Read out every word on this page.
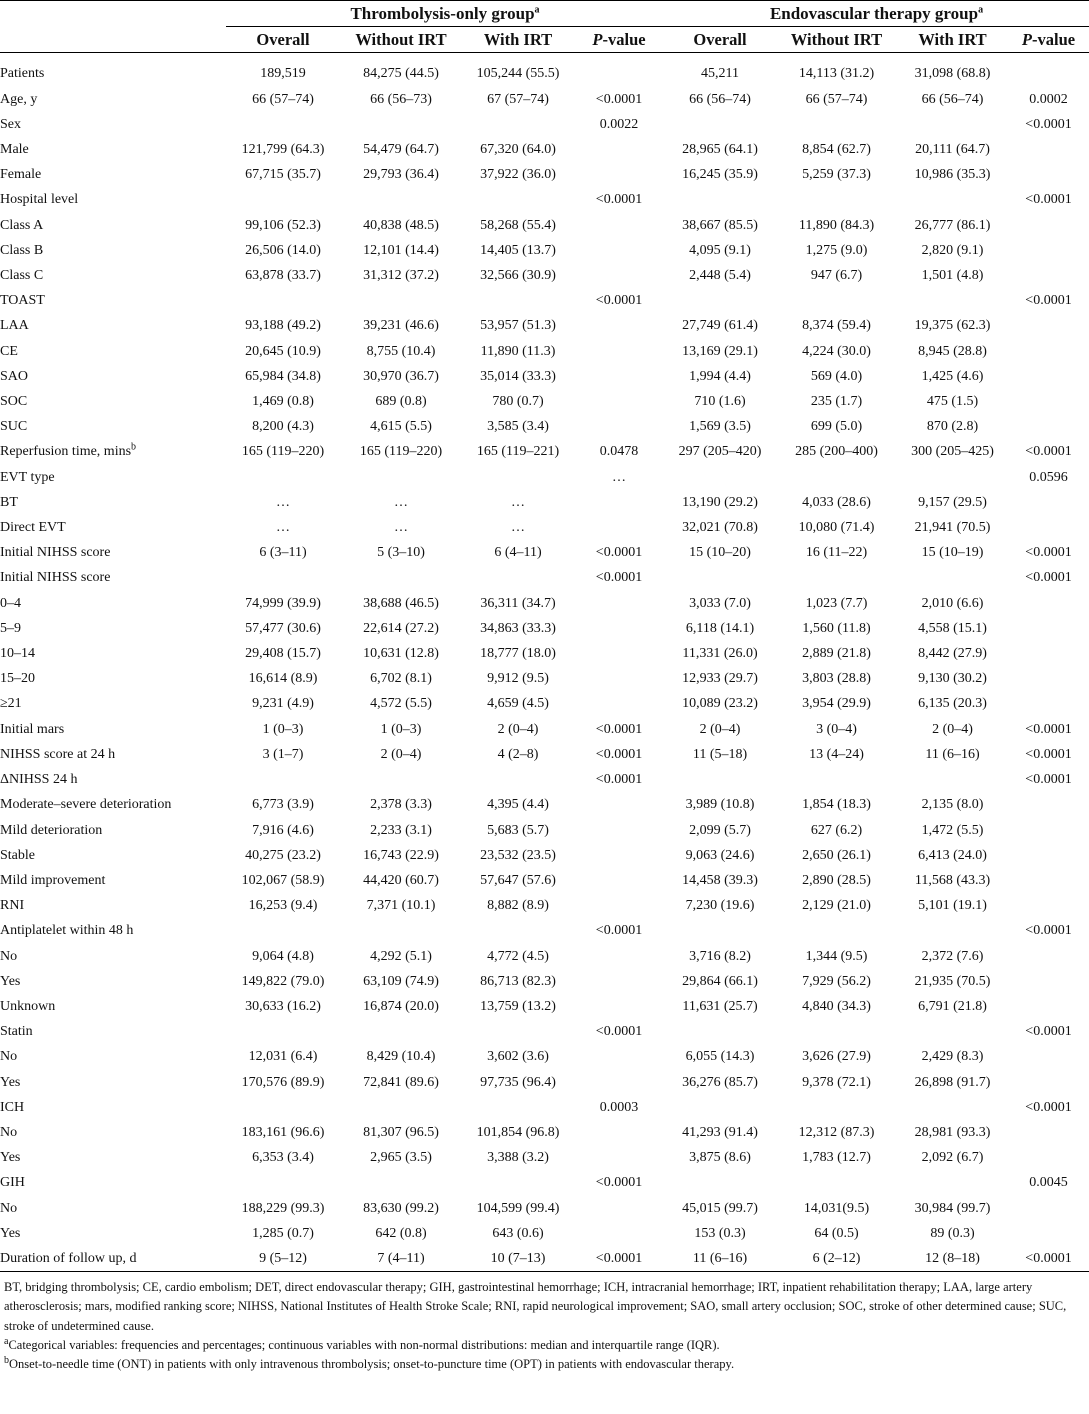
	Thrombolysis-only group$^a$				Endovascular therapy group$^a$
	Overall	Without IRT	With IRT	P-value	Overall	Without IRT	With IRT	P-value

Patients	189,519	84,275 (44.5)	105,244 (55.5)		45,211	14,113 (31.2)	31,098 (68.8)	
Age, y	66 (57–74)	66 (56–73)	67 (57–74)	<0.0001	66 (56–74)	66 (57–74)	66 (56–74)	0.0002
Sex				0.0022				<0.0001
Male	121,799 (64.3)	54,479 (64.7)	67,320 (64.0)		28,965 (64.1)	8,854 (62.7)	20,111 (64.7)	
Female	67,715 (35.7)	29,793 (36.4)	37,922 (36.0)		16,245 (35.9)	5,259 (37.3)	10,986 (35.3)	
Hospital level				<0.0001				<0.0001
Class A	99,106 (52.3)	40,838 (48.5)	58,268 (55.4)		38,667 (85.5)	11,890 (84.3)	26,777 (86.1)	
Class B	26,506 (14.0)	12,101 (14.4)	14,405 (13.7)		4,095 (9.1)	1,275 (9.0)	2,820 (9.1)	
Class C	63,878 (33.7)	31,312 (37.2)	32,566 (30.9)		2,448 (5.4)	947 (6.7)	1,501 (4.8)	
TOAST				<0.0001				<0.0001
LAA	93,188 (49.2)	39,231 (46.6)	53,957 (51.3)		27,749 (61.4)	8,374 (59.4)	19,375 (62.3)	
CE	20,645 (10.9)	8,755 (10.4)	11,890 (11.3)		13,169 (29.1)	4,224 (30.0)	8,945 (28.8)	
SAO	65,984 (34.8)	30,970 (36.7)	35,014 (33.3)		1,994 (4.4)	569 (4.0)	1,425 (4.6)	
SOC	1,469 (0.8)	689 (0.8)	780 (0.7)		710 (1.6)	235 (1.7)	475 (1.5)	
SUC	8,200 (4.3)	4,615 (5.5)	3,585 (3.4)		1,569 (3.5)	699 (5.0)	870 (2.8)	
Reperfusion time, mins$^b$	165 (119–220)	165 (119–220)	165 (119–221)	0.0478	297 (205–420)	285 (200–400)	300 (205–425)	<0.0001
EVT type				…				0.0596
BT	…	…	…		13,190 (29.2)	4,033 (28.6)	9,157 (29.5)	
Direct EVT	…	…	…		32,021 (70.8)	10,080 (71.4)	21,941 (70.5)	
Initial NIHSS score	6 (3–11)	5 (3–10)	6 (4–11)	<0.0001	15 (10–20)	16 (11–22)	15 (10–19)	<0.0001
Initial NIHSS score				<0.0001				<0.0001
0–4	74,999 (39.9)	38,688 (46.5)	36,311 (34.7)		3,033 (7.0)	1,023 (7.7)	2,010 (6.6)	
5–9	57,477 (30.6)	22,614 (27.2)	34,863 (33.3)		6,118 (14.1)	1,560 (11.8)	4,558 (15.1)	
10–14	29,408 (15.7)	10,631 (12.8)	18,777 (18.0)		11,331 (26.0)	2,889 (21.8)	8,442 (27.9)	
15–20	16,614 (8.9)	6,702 (8.1)	9,912 (9.5)		12,933 (29.7)	3,803 (28.8)	9,130 (30.2)	
≥21	9,231 (4.9)	4,572 (5.5)	4,659 (4.5)		10,089 (23.2)	3,954 (29.9)	6,135 (20.3)	
Initial mars	1 (0–3)	1 (0–3)	2 (0–4)	<0.0001	2 (0–4)	3 (0–4)	2 (0–4)	<0.0001
NIHSS score at 24 h	3 (1–7)	2 (0–4)	4 (2–8)	<0.0001	11 (5–18)	13 (4–24)	11 (6–16)	<0.0001
ΔNIHSS 24 h				<0.0001				<0.0001
Moderate–severe deterioration	6,773 (3.9)	2,378 (3.3)	4,395 (4.4)		3,989 (10.8)	1,854 (18.3)	2,135 (8.0)	
Mild deterioration	7,916 (4.6)	2,233 (3.1)	5,683 (5.7)		2,099 (5.7)	627 (6.2)	1,472 (5.5)	
Stable	40,275 (23.2)	16,743 (22.9)	23,532 (23.5)		9,063 (24.6)	2,650 (26.1)	6,413 (24.0)	
Mild improvement	102,067 (58.9)	44,420 (60.7)	57,647 (57.6)		14,458 (39.3)	2,890 (28.5)	11,568 (43.3)	
RNI	16,253 (9.4)	7,371 (10.1)	8,882 (8.9)		7,230 (19.6)	2,129 (21.0)	5,101 (19.1)	
Antiplatelet within 48 h				<0.0001				<0.0001
No	9,064 (4.8)	4,292 (5.1)	4,772 (4.5)		3,716 (8.2)	1,344 (9.5)	2,372 (7.6)	
Yes	149,822 (79.0)	63,109 (74.9)	86,713 (82.3)		29,864 (66.1)	7,929 (56.2)	21,935 (70.5)	
Unknown	30,633 (16.2)	16,874 (20.0)	13,759 (13.2)		11,631 (25.7)	4,840 (34.3)	6,791 (21.8)	
Statin				<0.0001				<0.0001
No	12,031 (6.4)	8,429 (10.4)	3,602 (3.6)		6,055 (14.3)	3,626 (27.9)	2,429 (8.3)	
Yes	170,576 (89.9)	72,841 (89.6)	97,735 (96.4)		36,276 (85.7)	9,378 (72.1)	26,898 (91.7)	
ICH				0.0003				<0.0001
No	183,161 (96.6)	81,307 (96.5)	101,854 (96.8)		41,293 (91.4)	12,312 (87.3)	28,981 (93.3)	
Yes	6,353 (3.4)	2,965 (3.5)	3,388 (3.2)		3,875 (8.6)	1,783 (12.7)	2,092 (6.7)	
GIH				<0.0001				0.0045
No	188,229 (99.3)	83,630 (99.2)	104,599 (99.4)		45,015 (99.7)	14,031(9.5)	30,984 (99.7)	
Yes	1,285 (0.7)	642 (0.8)	643 (0.6)		153 (0.3)	64 (0.5)	89 (0.3)	
Duration of follow up, d	9 (5–12)	7 (4–11)	10 (7–13)	<0.0001	11 (6–16)	6 (2–12)	12 (8–18)	<0.0001

BT, bridging thrombolysis; CE, cardio embolism; DET, direct endovascular therapy; GIH, gastrointestinal hemorrhage; ICH, intracranial hemorrhage; IRT, inpatient rehabilitation therapy; LAA, large artery atherosclerosis; mars, modified ranking score; NIHSS, National Institutes of Health Stroke Scale; RNI, rapid neurological improvement; SAO, small artery occlusion; SOC, stroke of other determined cause; SUC, stroke of undetermined cause.

$^a$Categorical variables: frequencies and percentages; continuous variables with non-normal distributions: median and interquartile range (IQR).

$^b$Onset-to-needle time (ONT) in patients with only intravenous thrombolysis; onset-to-puncture time (OPT) in patients with endovascular therapy.
